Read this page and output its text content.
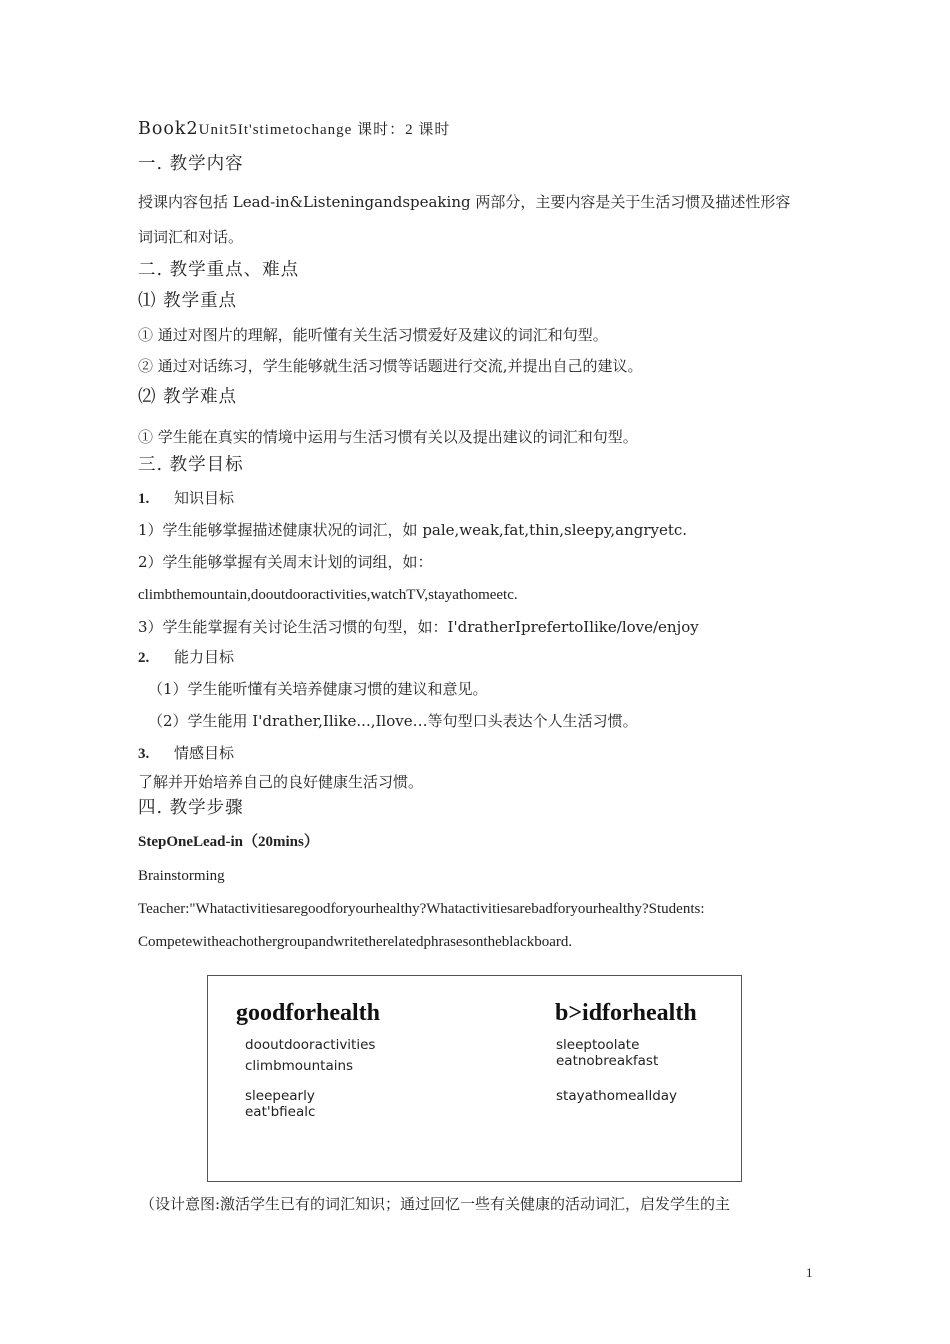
Book2Unit5It'stimetochange 课时：2 课时
一. 教学内容
授课内容包括 Lead-in&Listeningandspeaking 两部分，主要内容是关于生活习惯及描述性形容
词词汇和对话。
二. 教学重点、难点
⑴ 教学重点
① 通过对图片的理解，能听懂有关生活习惯爱好及建议的词汇和句型。
② 通过对话练习，学生能够就生活习惯等话题进行交流,并提出自己的建议。
⑵ 教学难点
① 学生能在真实的情境中运用与生活习惯有关以及提出建议的词汇和句型。
三. 教学目标
1. 知识目标
1）学生能够掌握描述健康状况的词汇，如 pale,weak,fat,thin,sleepy,angryetc.
2）学生能够掌握有关周末计划的词组，如：
climbthemountain,dooutdooractivities,watchTV,stayathomeetc.
3）学生能掌握有关讨论生活习惯的句型，如：I'dratherIprefertoIlike/love/enjoy
2. 能力目标
（1）学生能听懂有关培养健康习惯的建议和意见。
（2）学生能用 I'drather,Ilike...,Ilove…等句型口头表达个人生活习惯。
3. 情感目标
了解并开始培养自己的良好健康生活习惯。
四. 教学步骤
StepOneLead-in（20mins）
Brainstorming
Teacher:"Whatactivitiesaregoodforyourhealthy?Whatactivitiesarebadforyourhealthy?Students:
Competewitheachothergroupandwritetherelatedphrasesontheblackboard.
goodforhealth
dooutdooractivities
climbmountains
sleepearly
eat'bfiealc
b>idforhealth
sleeptoolate
eatnobreakfast
stayathomeallday
（设计意图:激活学生已有的词汇知识；通过回忆一些有关健康的活动词汇，启发学生的主
1
